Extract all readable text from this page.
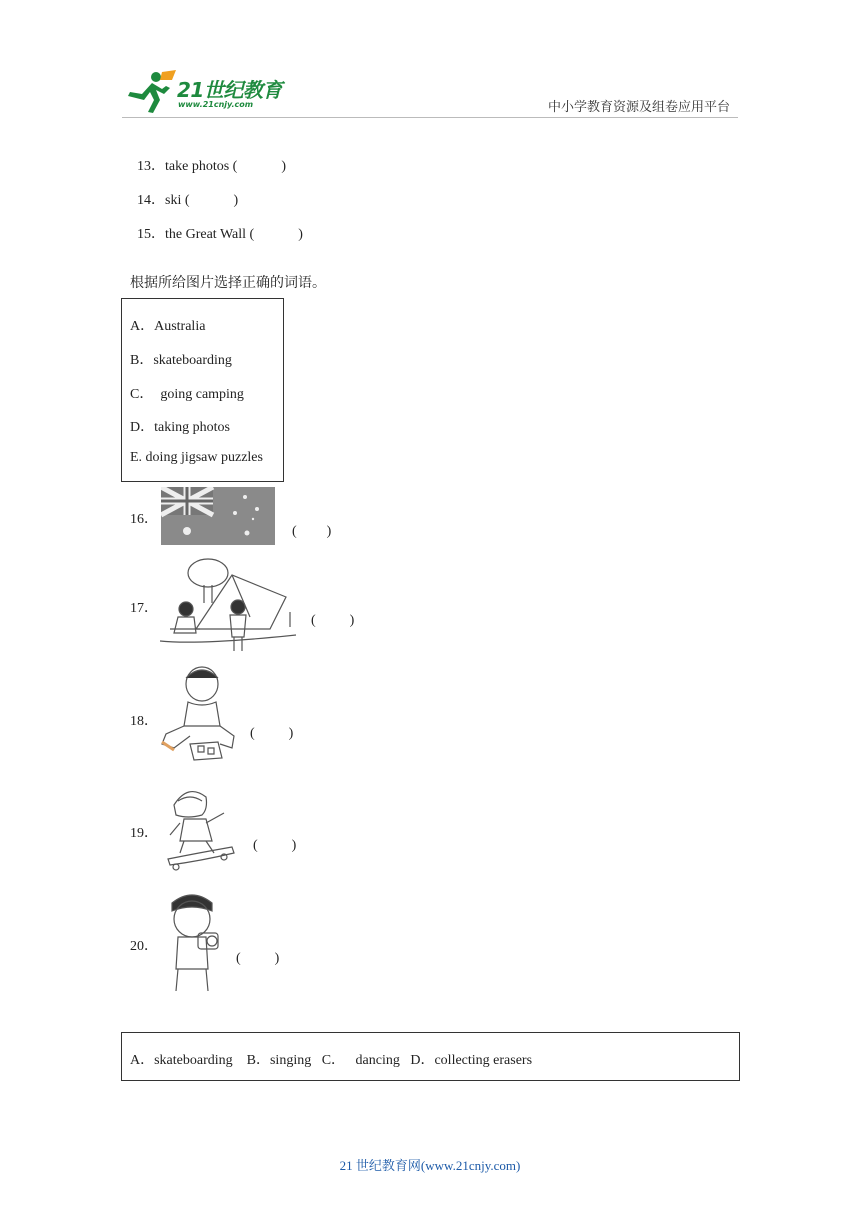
21世纪教育
www.21cnjy.com	中小学教育资源及组卷应用平台

13．take photos (	)

14．ski (	)

15．the Great Wall (	)

根据所给图片选择正确的词语。
A．Australia
B．skateboarding
C．  going camping
D．taking photos
E. doing jigsaw puzzles
16．

( )

17．

( )

18．

( )

19．

( )

20．

( )

A．skateboarding    B．singing   C．   dancing   D．collecting erasers
21 世纪教育网(www.21cnjy.com)
